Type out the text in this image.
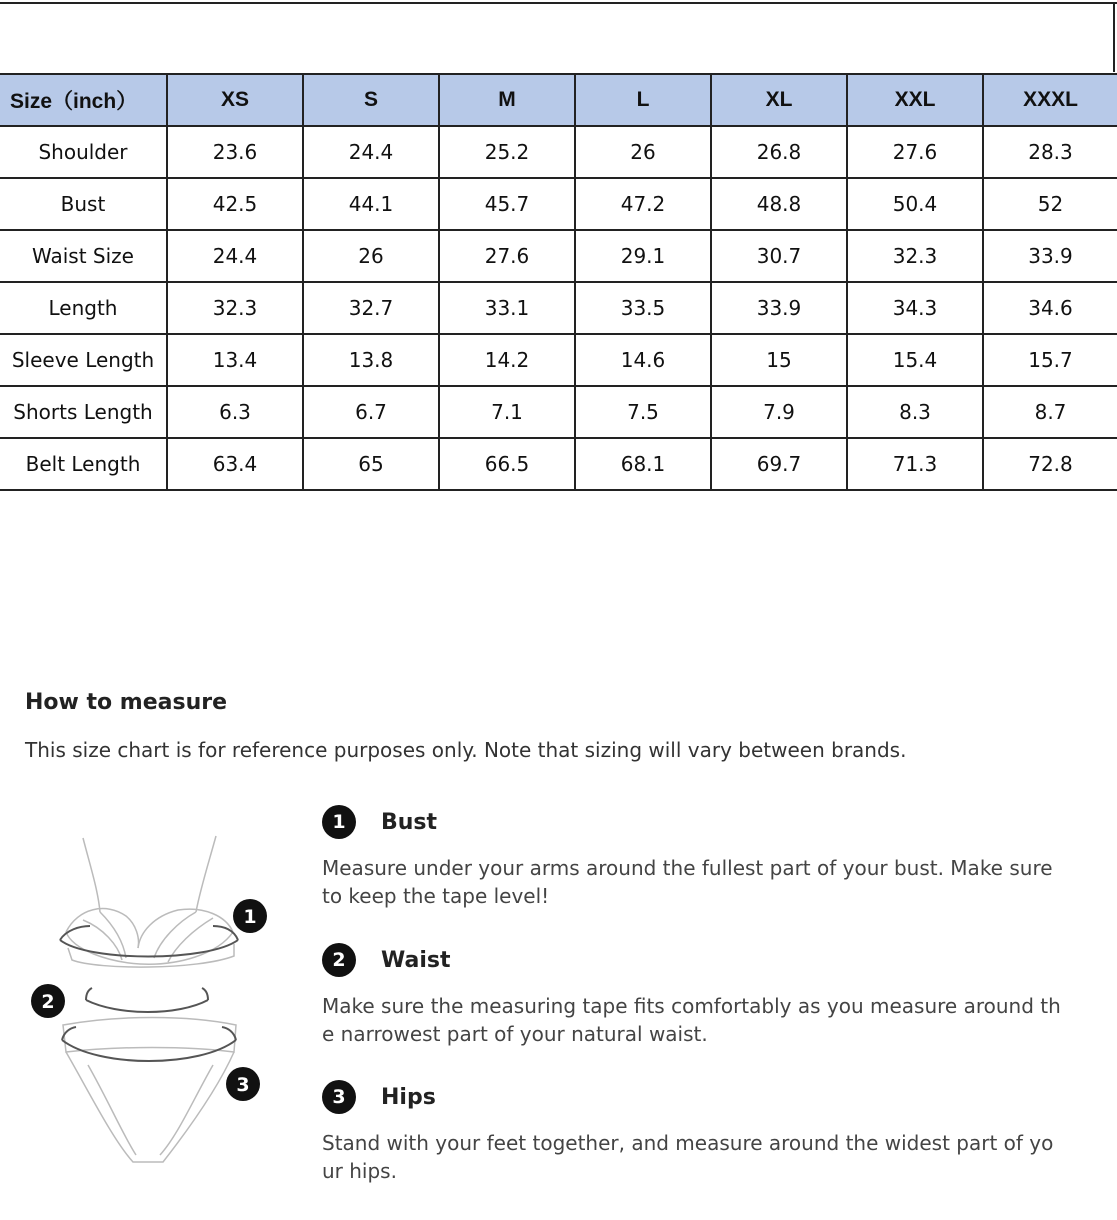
Size（inch）	XS	S	M	L	XL	XXL	XXXL
Shoulder	23.6	24.4	25.2	26	26.8	27.6	28.3
Bust	42.5	44.1	45.7	47.2	48.8	50.4	52
Waist Size	24.4	26	27.6	29.1	30.7	32.3	33.9
Length	32.3	32.7	33.1	33.5	33.9	34.3	34.6
Sleeve Length	13.4	13.8	14.2	14.6	15	15.4	15.7
Shorts Length	6.3	6.7	7.1	7.5	7.9	8.3	8.7
Belt Length	63.4	65	66.5	68.1	69.7	71.3	72.8
How to measure
This size chart is for reference purposes only. Note that sizing will vary between brands.
1
2
3
1	Bust
Measure under your arms around the fullest part of your bust. Make sure to keep the tape level!
2	Waist
Make sure the measuring tape fits comfortably as you measure around the narrowest part of your natural waist.
3	Hips
Stand with your feet together, and measure around the widest part of your hips.
